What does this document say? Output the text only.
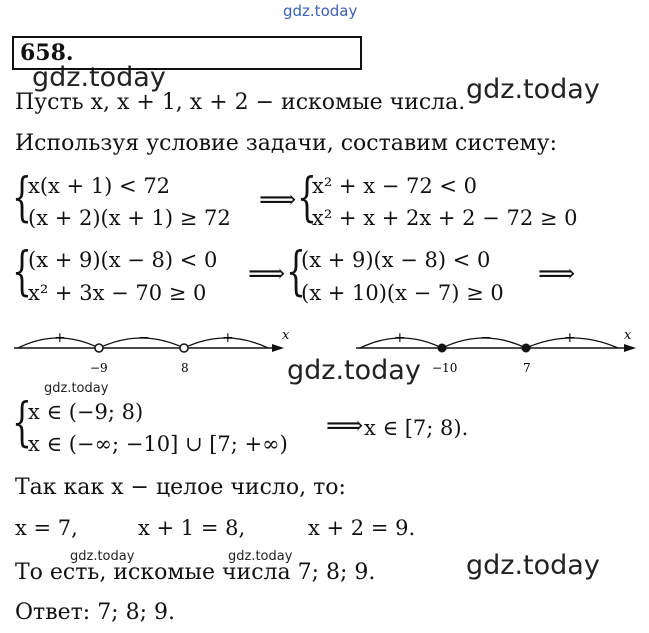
gdz.today
gdz.today	gdz.today
gdz.today
gdz.today
gdz.today	gdz.today	gdz.today
658.
Пусть x, x + 1, x + 2 − искомые числа.
Используя условие задачи, составим систему:
{
x(x + 1) < 72
(x + 2)(x + 1) ≥ 72
⟹ {
x² + x − 72 < 0
x² + x + 2x + 2 − 72 ≥ 0
{
(x + 9)(x − 8) < 0
x² + 3x − 70 ≥ 0
⟹ {
(x + 9)(x − 8) < 0
(x + 10)(x − 7) ≥ 0
⟹
+	−	+	x
−9	8
+	−	+	x
−10	7
{
x ∈ (−9; 8)
x ∈ (−∞; −10] ∪ [7; +∞)
⟹ x ∈ [7; 8).
Так как x − целое число, то:
x = 7,	x + 1 = 8,	x + 2 = 9.
То есть, искомые числа 7; 8; 9.
Ответ: 7; 8; 9.
